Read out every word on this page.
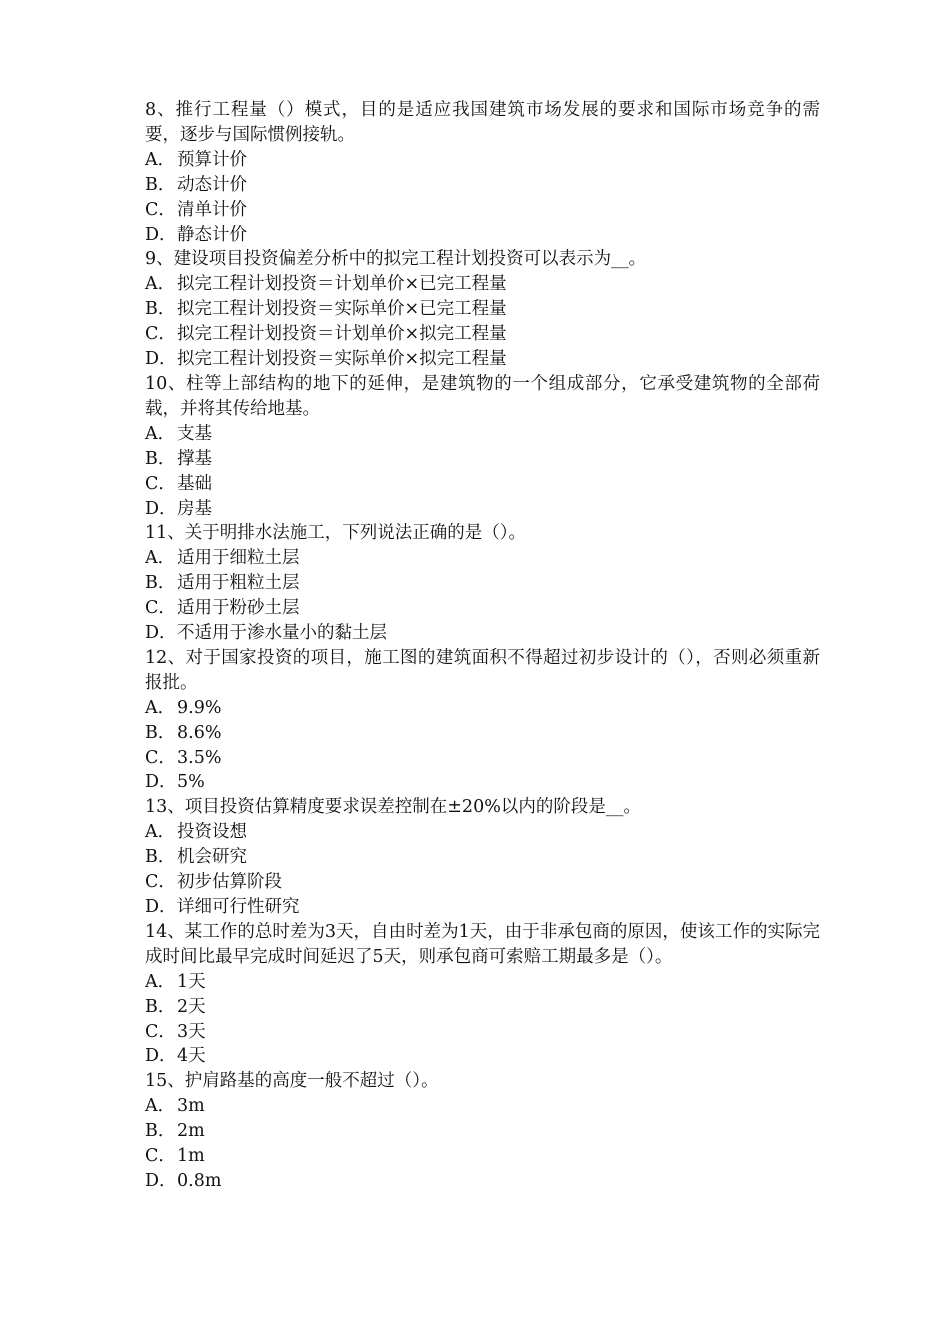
8、推行工程量（）模式，目的是适应我国建筑市场发展的要求和国际市场竞争的需要，逐步与国际惯例接轨。

A． 预算计价
B．动态计价
C．清单计价
D．静态计价

9、建设项目投资偏差分析中的拟完工程计划投资可以表示为__。

A． 拟完工程计划投资＝计划单价×已完工程量
B．拟完工程计划投资＝实际单价×已完工程量
C．拟完工程计划投资＝计划单价×拟完工程量
D．拟完工程计划投资＝实际单价×拟完工程量

10、柱等上部结构的地下的延伸，是建筑物的一个组成部分，它承受建筑物的全部荷载，并将其传给地基。

A． 支基
B．撑基
C．基础
D．房基

11、关于明排水法施工，下列说法正确的是（）。

A． 适用于细粒土层
B．适用于粗粒土层
C．适用于粉砂土层
D．不适用于渗水量小的黏土层

12、对于国家投资的项目，施工图的建筑面积不得超过初步设计的（），否则必须重新报批。

A． 9.9%
B．8.6%
C．3.5%
D．5%

13、项目投资估算精度要求误差控制在±20%以内的阶段是__。

A． 投资设想
B．机会研究
C．初步估算阶段
D．详细可行性研究

14、某工作的总时差为3天，自由时差为1天，由于非承包商的原因，使该工作的实际完成时间比最早完成时间延迟了5天，则承包商可索赔工期最多是（）。

A． 1天
B．2天
C．3天
D．4天

15、护肩路基的高度一般不超过（）。

A． 3m
B．2m
C．1m
D．0.8m
